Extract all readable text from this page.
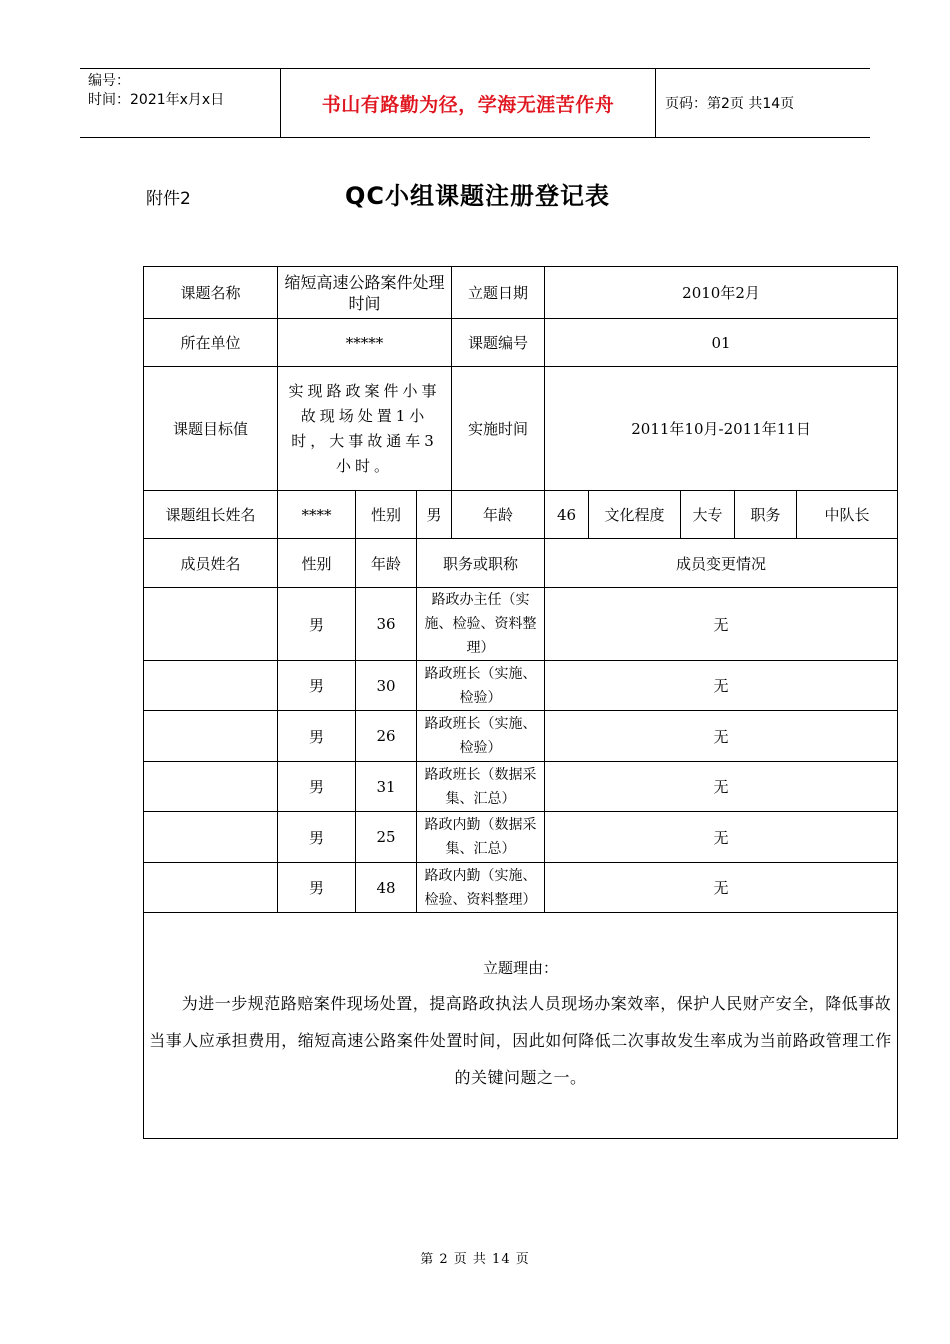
编号：
时间：2021年x月x日	书山有路勤为径，学海无涯苦作舟	页码：第2页 共14页
附件2	QC小组课题注册登记表
课题名称	缩短高速公路案件处理时间			立题日期	2010年2月				
所在单位	*****			课题编号	01				
课题目标值	实现路政案件小事故现场处置1小时，大事故通车3小时。			实施时间	2011年10月-2011年11日				
课题组长姓名	****	性别	男	年龄	46	文化程度	大专	职务	中队长
成员姓名	性别	年龄	职务或职称		成员变更情况				
	男	36	路政办主任（实施、检验、资料整理）		无				
	男	30	路政班长（实施、检验）		无				
	男	26	路政班长（实施、检验）		无				
	男	31	路政班长（数据采集、汇总）		无				
	男	25	路政内勤（数据采集、汇总）		无				
	男	48	路政内勤（实施、检验、资料整理）		无				

立题理由：
为进一步规范路赔案件现场处置，提高路政执法人员现场办案效率，保护人民财产安全，降低事故当事人应承担费用，缩短高速公路案件处置时间，因此如何降低二次事故发生率成为当前路政管理工作的关键问题之一。									
第 2 页 共 14 页
